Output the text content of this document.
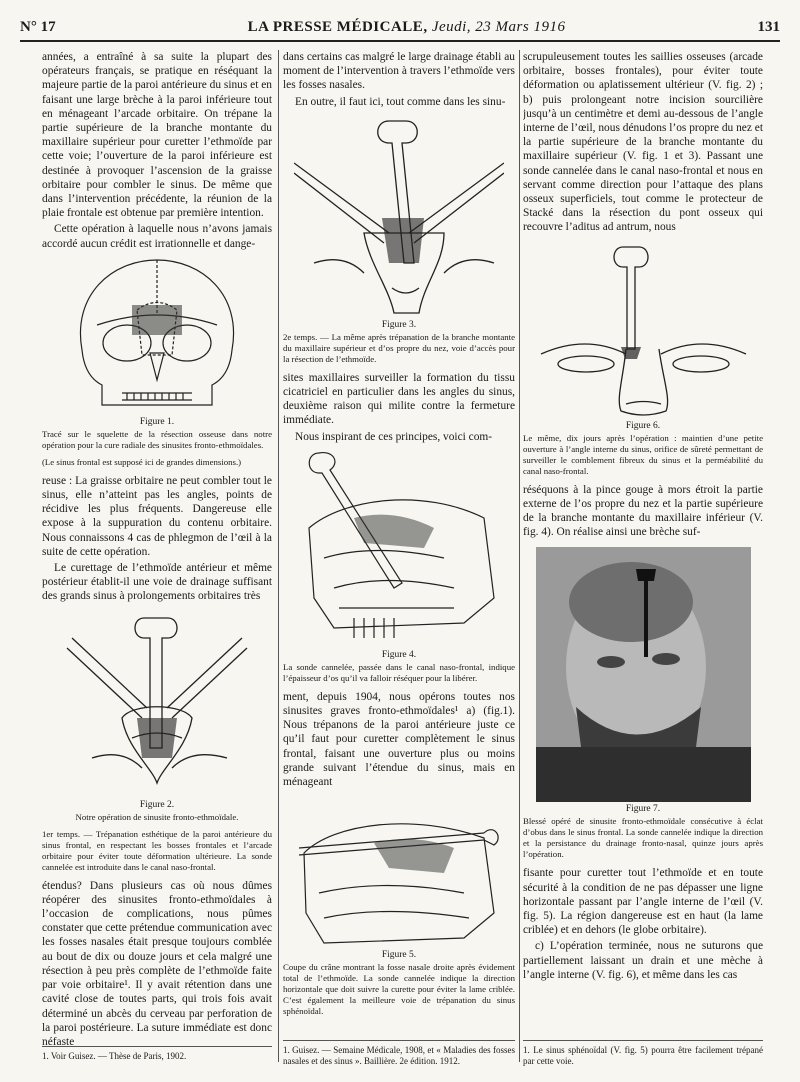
N° 17	LA PRESSE MÉDICALE, Jeudi, 23 Mars 1916	131

années, a entraîné à sa suite la plupart des opérateurs français, se pratique en réséquant la majeure partie de la paroi antérieure du sinus et en faisant une large brèche à la paroi inférieure tout en ménageant l’arcade orbitaire. On trépane la partie supérieure de la branche montante du maxillaire supérieur pour curetter l’ethmoïde par cette voie; l’ouverture de la paroi inférieure est destinée à provoquer l’ascension de la graisse orbitaire pour combler le sinus. De même que dans l’intervention précédente, la réunion de la plaie frontale est obtenue par première intention.

Cette opération à laquelle nous n’avons jamais accordé aucun crédit est irrationnelle et dange-

Figure 1.
Tracé sur le squelette de la résection osseuse dans notre opération pour la cure radiale des sinusites fronto-ethmoïdales.
(Le sinus frontal est supposé ici de grandes dimensions.)

reuse : La graisse orbitaire ne peut combler tout le sinus, elle n’atteint pas les angles, points de récidive les plus fréquents. Dangereuse elle expose à la suppuration du contenu orbitaire. Nous connaissons 4 cas de phlegmon de l’œil à la suite de cette opération.

Le curettage de l’ethmoïde antérieur et même postérieur établit-il une voie de drainage suffisant des grands sinus à prolongements orbitaires très

Figure 2.
Notre opération de sinusite fronto-ethmoïdale.
1er temps. — Trépanation esthétique de la paroi antérieure du sinus frontal, en respectant les bosses frontales et l’arcade orbitaire pour éviter toute déformation ultérieure. La sonde cannelée est introduite dans le canal naso-frontal.

étendus? Dans plusieurs cas où nous dûmes réopérer des sinusites fronto-ethmoïdales à l’occasion de complications, nous pûmes constater que cette prétendue communication avec les fosses nasales était presque toujours comblée au bout de dix ou douze jours et cela malgré une résection à peu près complète de l’ethmoïde faite par voie orbitaire¹. Il y avait rétention dans une cavité close de toutes parts, qui trois fois avait déterminé un abcès du cerveau par perforation de la paroi postérieure. La suture immédiate est donc néfaste

1. Voir Guisez. — Thèse de Paris, 1902.

dans certains cas malgré le large drainage établi au moment de l’intervention à travers l’ethmoïde vers les fosses nasales.

En outre, il faut ici, tout comme dans les sinu-

Figure 3.
2e temps. — La même après trépanation de la branche montante du maxillaire supérieur et d’os propre du nez, voie d’accès pour la résection de l’ethmoïde.

sites maxillaires surveiller la formation du tissu cicatriciel en particulier dans les angles du sinus, deuxième raison qui milite contre la fermeture immédiate.

Nous inspirant de ces principes, voici com-

Figure 4.
La sonde cannelée, passée dans le canal naso-frontal, indique l’épaisseur d’os qu’il va falloir réséquer pour la libérer.

ment, depuis 1904, nous opérons toutes nos sinusites graves fronto-ethmoïdales¹ a) (fig.1). Nous trépanons de la paroi antérieure juste ce qu’il faut pour curetter complètement le sinus frontal, faisant une ouverture plus ou moins grande suivant l’étendue du sinus, mais en ménageant

Figure 5.
Coupe du crâne montrant la fosse nasale droite après évidement total de l’ethmoïde. La sonde cannelée indique la direction horizontale que doit suivre la curette pour éviter la lame criblée. C’est également la meilleure voie de trépanation du sinus sphénoïdal.
1. Guisez. — Semaine Médicale, 1908, et « Maladies des fosses nasales et des sinus ». Baillière. 2e édition. 1912.

scrupuleusement toutes les saillies osseuses (arcade orbitaire, bosses frontales), pour éviter toute déformation ou aplatissement ultérieur (V. fig. 2) ; b) puis prolongeant notre incision sourcilière jusqu’à un centimètre et demi au-dessous de l’angle interne de l’œil, nous dénudons l’os propre du nez et la partie supérieure de la branche montante du maxillaire supérieur (V. fig. 1 et 3). Passant une sonde cannelée dans le canal naso-frontal et nous en servant comme direction pour l’attaque des plans osseux superficiels, tout comme le protecteur de Stacké dans la résection du pont osseux qui recouvre l’aditus ad antrum, nous

Figure 6.
Le même, dix jours après l’opération : maintien d’une petite ouverture à l’angle interne du sinus, orifice de sûreté permettant de surveiller le comblement fibreux du sinus et la perméabilité du canal naso-frontal.

réséquons à la pince gouge à mors étroit la partie externe de l’os propre du nez et la partie supérieure de la branche montante du maxillaire inférieur (V. fig. 4). On réalise ainsi une brèche suf-

Figure 7.
Blessé opéré de sinusite fronto-ethmoïdale consécutive à éclat d’obus dans le sinus frontal. La sonde cannelée indique la direction et la persistance du drainage fronto-nasal, quinze jours après l’opération.

fisante pour curetter tout l’ethmoïde et en toute sécurité à la condition de ne pas dépasser une ligne horizontale passant par l’angle interne de l’œil (V. fig. 5). La région dangereuse est en haut (la lame criblée) et en dehors (le globe orbitaire).

c) L’opération terminée, nous ne suturons que partiellement laissant un drain et une mèche à l’angle interne (V. fig. 6), et même dans les cas

1. Le sinus sphénoïdal (V. fig. 5) pourra être facilement trépané par cette voie.
